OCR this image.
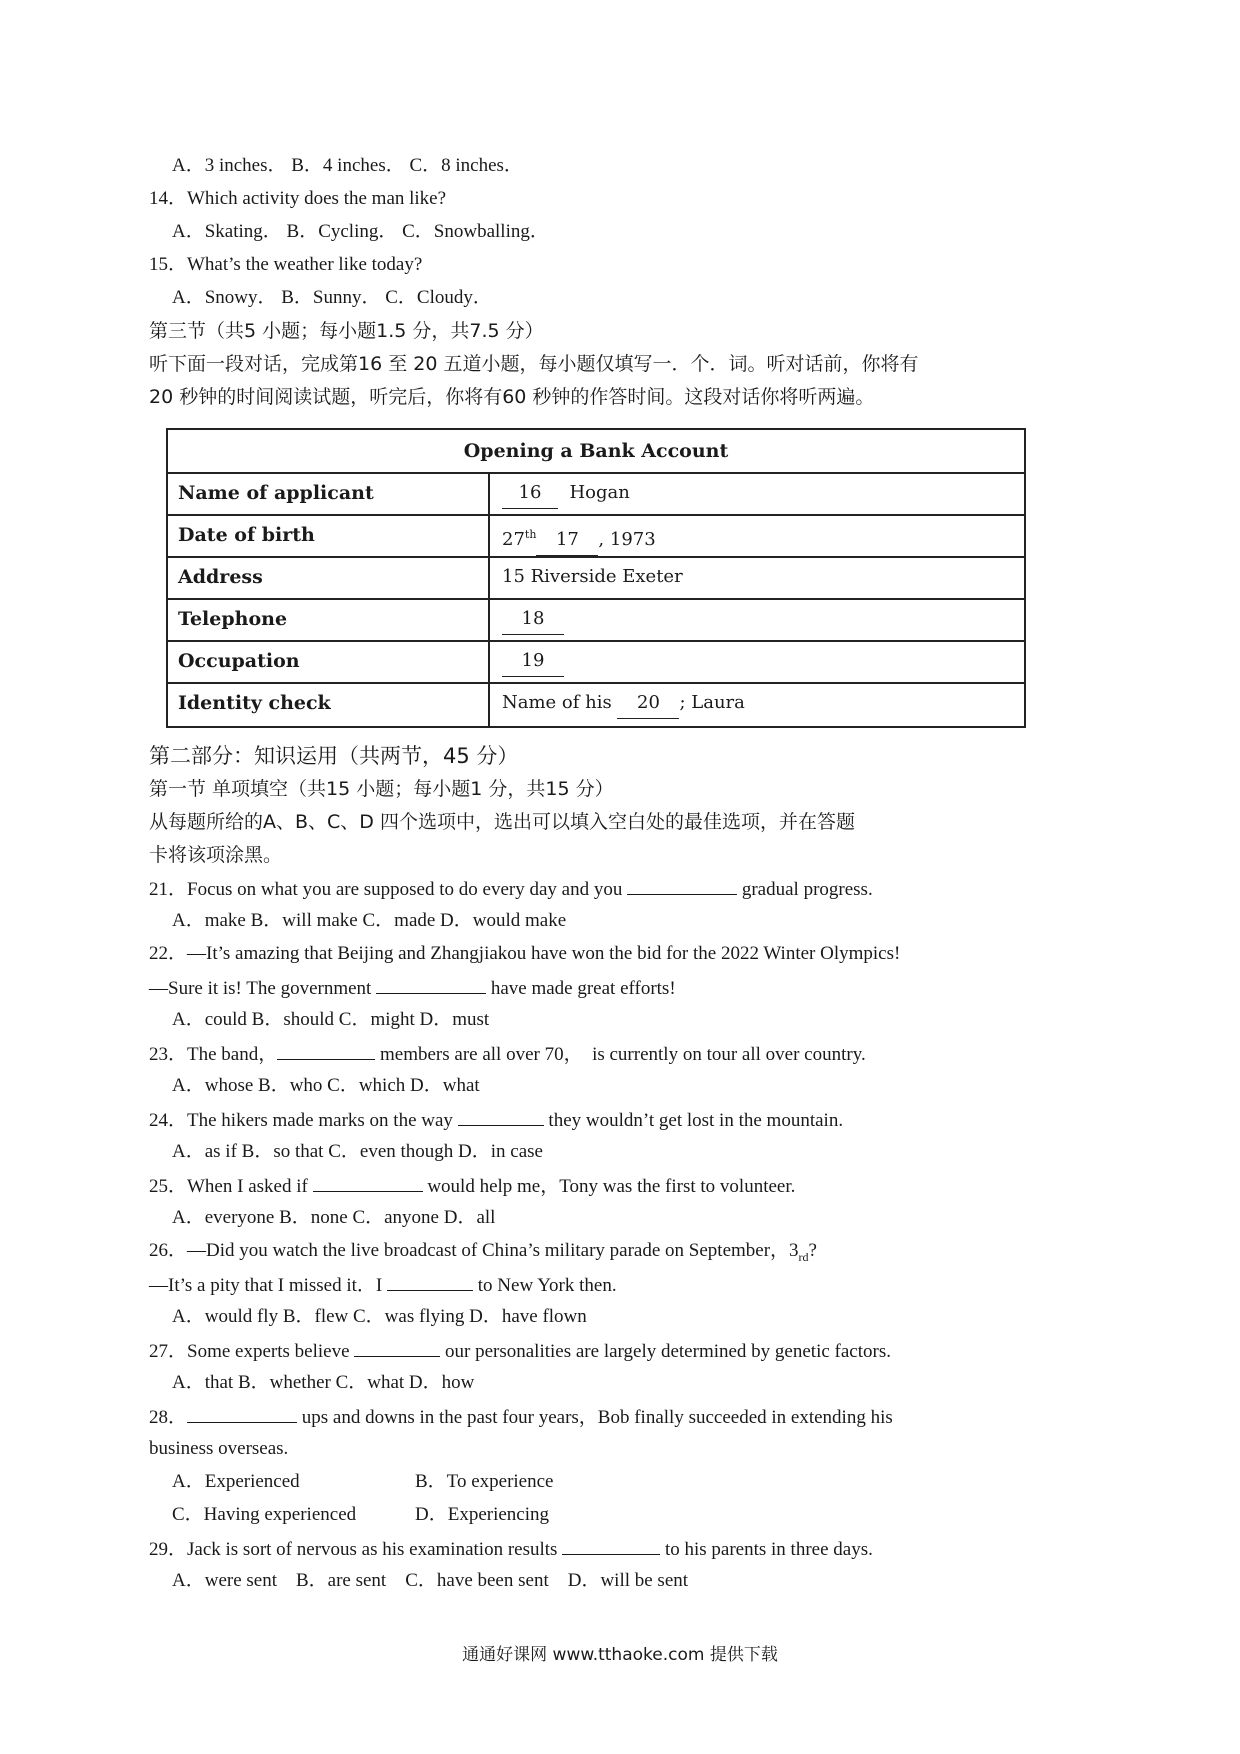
A．3 inches． B．4 inches． C．8 inches．
14．Which activity does the man like?
A．Skating． B．Cycling． C．Snowballing．
15．What’s the weather like today?
A．Snowy． B．Sunny． C．Cloudy．
第三节（共5 小题；每小题1.5 分，共7.5 分）
听下面一段对话，完成第16 至 20 五道小题，每小题仅填写一．个．词。听对话前，你将有
20 秒钟的时间阅读试题，听完后，你将有60 秒钟的作答时间。这段对话你将听两遍。
Opening a Bank Account
Name of applicant	16 Hogan
Date of birth	27th 17 , 1973
Address	15 Riverside Exeter
Telephone	18
Occupation	19
Identity check	Name of his 20 ; Laura
第二部分：知识运用（共两节，45 分）
第一节 单项填空（共15 小题；每小题1 分，共15 分）
从每题所给的A、B、C、D 四个选项中，选出可以填入空白处的最佳选项，并在答题
卡将该项涂黑。
21．Focus on what you are supposed to do every day and you	gradual progress.
A．make B．will make C．made D．would make
22．—It’s amazing that Beijing and Zhangjiakou have won the bid for the 2022 Winter Olympics!
—Sure it is! The government	have made great efforts!
A．could B．should C．might D．must
23．The band，	members are all over 70，  is currently on tour all over country.
A．whose B．who C．which D．what
24．The hikers made marks on the way	they wouldn’t get lost in the mountain.
A．as if B．so that C．even though D．in case
25．When I asked if	would help me，Tony was the first to volunteer.
A．everyone B．none C．anyone D．all
26．—Did you watch the live broadcast of China’s military parade on September，$3_{rd}$?
—It’s a pity that I missed it．I	to New York then.
A．would fly B．flew C．was flying D．have flown
27．Some experts believe	our personalities are largely determined by genetic factors.
A．that B．whether C．what D．how
28．	ups and downs in the past four years，Bob finally succeeded in extending his
business overseas.
A．Experienced	B．To experience
C．Having experienced	D．Experiencing
29．Jack is sort of nervous as his examination results	to his parents in three days.
A．were sent    B．are sent    C．have been sent    D．will be sent
通通好课网 www.tthaoke.com 提供下载
